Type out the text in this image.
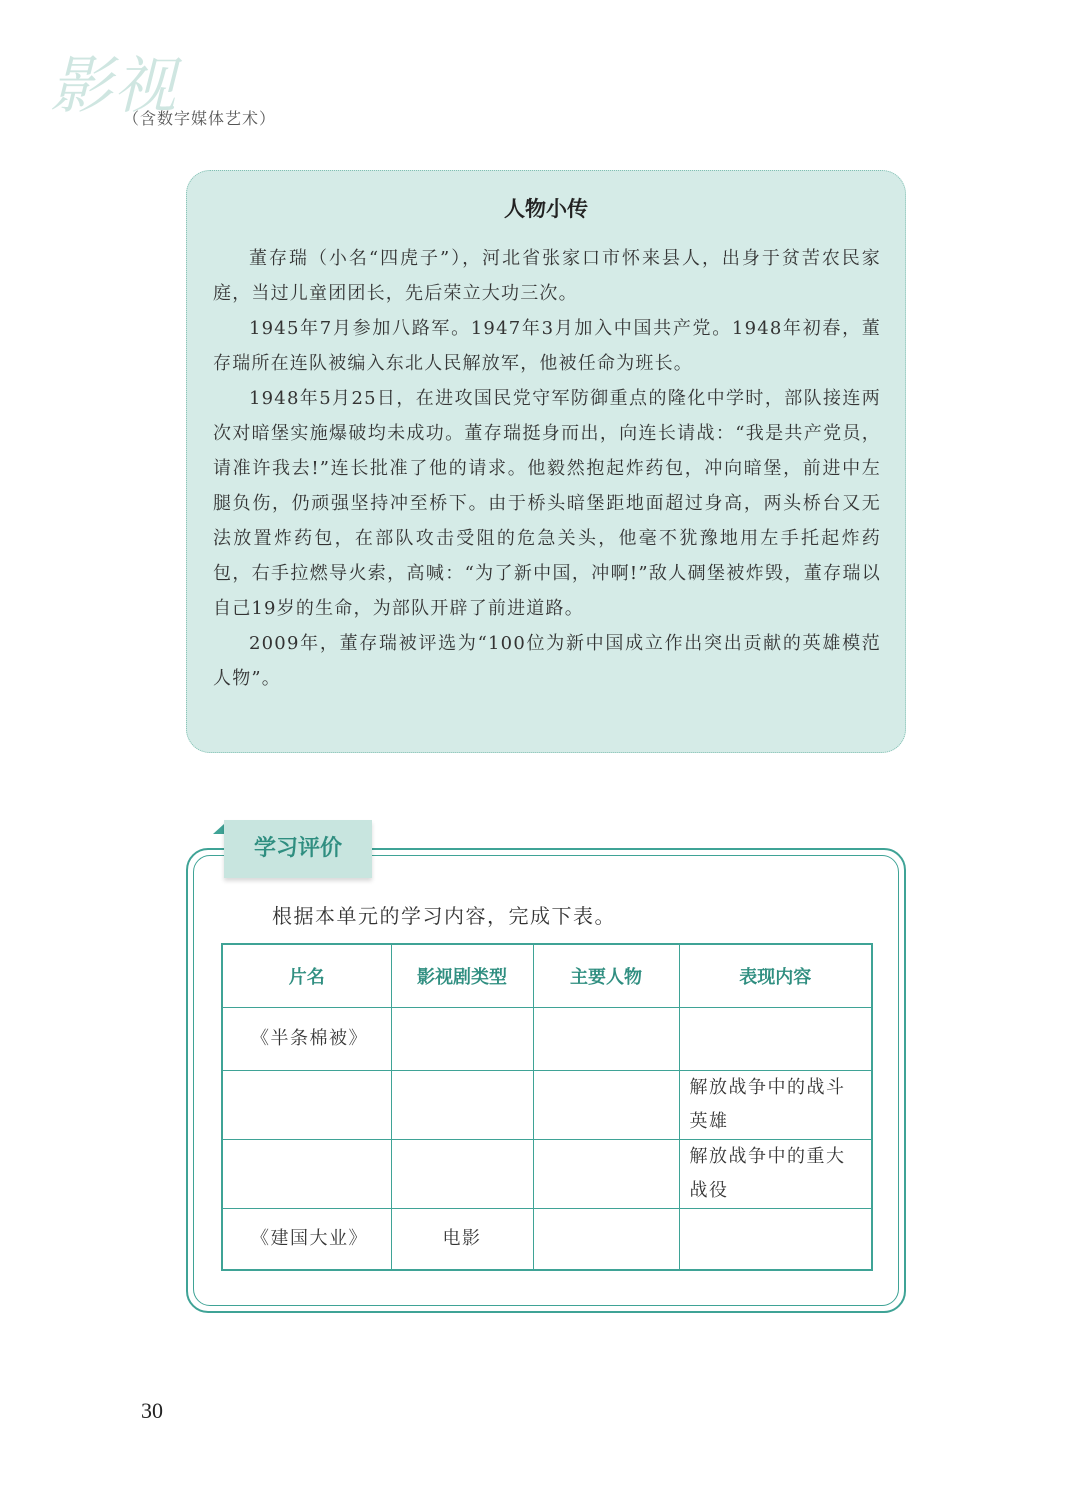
影视
（含数字媒体艺术）
人物小传

董存瑞（小名“四虎子”），河北省张家口市怀来县人，出身于贫苦农民家庭，当过儿童团团长，先后荣立大功三次。

1945年7月参加八路军。1947年3月加入中国共产党。1948年初春，董存瑞所在连队被编入东北人民解放军，他被任命为班长。

1948年5月25日，在进攻国民党守军防御重点的隆化中学时，部队接连两次对暗堡实施爆破均未成功。董存瑞挺身而出，向连长请战：“我是共产党员，请准许我去!”连长批准了他的请求。他毅然抱起炸药包，冲向暗堡，前进中左腿负伤，仍顽强坚持冲至桥下。由于桥头暗堡距地面超过身高，两头桥台又无法放置炸药包，在部队攻击受阻的危急关头，他毫不犹豫地用左手托起炸药包，右手拉燃导火索，高喊：“为了新中国，冲啊!”敌人碉堡被炸毁，董存瑞以自己19岁的生命，为部队开辟了前进道路。

2009年，董存瑞被评选为“100位为新中国成立作出突出贡献的英雄模范人物”。

学习评价
根据本单元的学习内容，完成下表。
片名	影视剧类型	主要人物	表现内容
《半条棉被》			
			解放战争中的战斗英雄
			解放战争中的重大战役
《建国大业》	电影		
30
